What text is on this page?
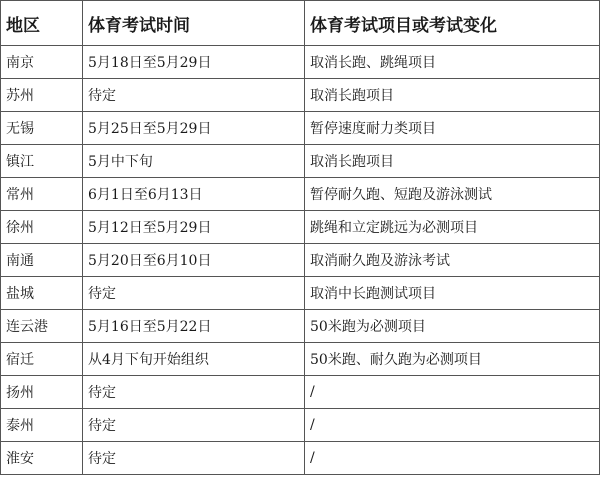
地区	体育考试时间	体育考试项目或考试变化
南京	5月18日至5月29日	取消长跑、跳绳项目
苏州	待定	取消长跑项目
无锡	5月25日至5月29日	暂停速度耐力类项目
镇江	5月中下旬	取消长跑项目
常州	6月1日至6月13日	暂停耐久跑、短跑及游泳测试
徐州	5月12日至5月29日	跳绳和立定跳远为必测项目
南通	5月20日至6月10日	取消耐久跑及游泳考试
盐城	待定	取消中长跑测试项目
连云港	5月16日至5月22日	50米跑为必测项目
宿迁	从4月下旬开始组织	50米跑、耐久跑为必测项目
扬州	待定	/
泰州	待定	/
淮安	待定	/
